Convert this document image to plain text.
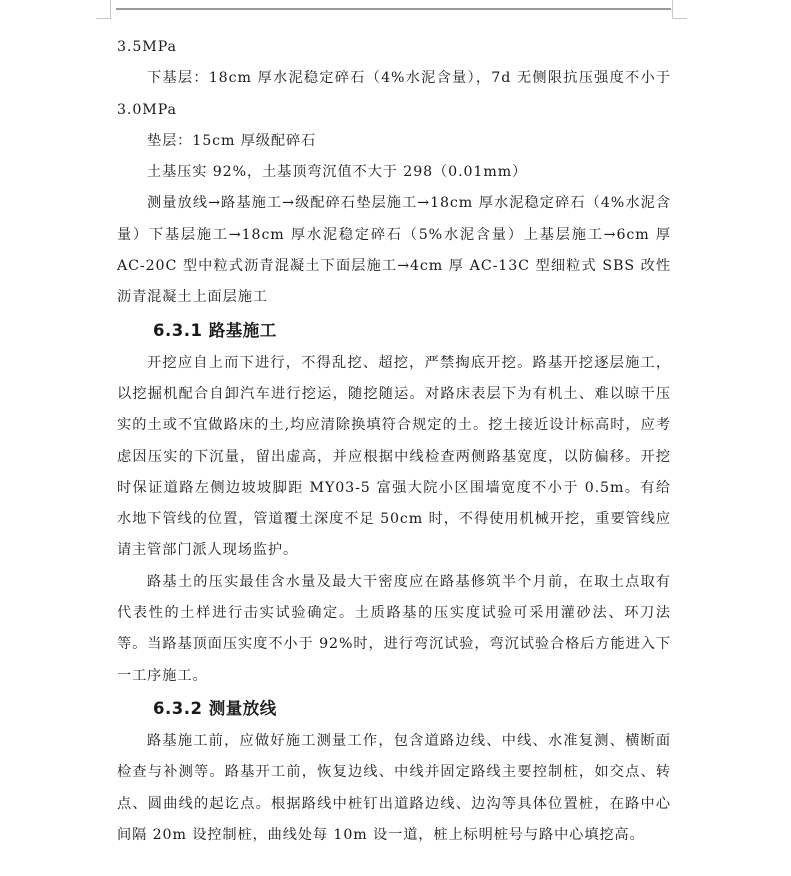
3.5MPa

下基层：18cm 厚水泥稳定碎石（4%水泥含量），7d 无侧限抗压强度不小于 3.0MPa

垫层：15cm 厚级配碎石

土基压实 92%，土基顶弯沉值不大于 298（0.01mm）

测量放线→路基施工→级配碎石垫层施工→18cm 厚水泥稳定碎石（4%水泥含量）下基层施工→18cm 厚水泥稳定碎石（5%水泥含量）上基层施工→6cm 厚 AC-20C 型中粒式沥青混凝土下面层施工→4cm 厚 AC-13C 型细粒式 SBS 改性沥青混凝土上面层施工

6.3.1 路基施工

开挖应自上而下进行，不得乱挖、超挖，严禁掏底开挖。路基开挖逐层施工，以挖掘机配合自卸汽车进行挖运，随挖随运。对路床表层下为有机土、难以晾干压实的土或不宜做路床的土,均应清除换填符合规定的土。挖土接近设计标高时，应考虑因压实的下沉量，留出虚高，并应根据中线检查两侧路基宽度，以防偏移。开挖时保证道路左侧边坡坡脚距 MY03-5 富强大院小区围墙宽度不小于 0.5m。有给水地下管线的位置，管道覆土深度不足 50cm 时，不得使用机械开挖，重要管线应请主管部门派人现场监护。

路基土的压实最佳含水量及最大干密度应在路基修筑半个月前，在取土点取有代表性的土样进行击实试验确定。土质路基的压实度试验可采用灌砂法、环刀法等。当路基顶面压实度不小于 92%时，进行弯沉试验，弯沉试验合格后方能进入下一工序施工。

6.3.2 测量放线

路基施工前，应做好施工测量工作，包含道路边线、中线、水准复测、横断面检查与补测等。路基开工前，恢复边线、中线并固定路线主要控制桩，如交点、转点、圆曲线的起讫点。根据路线中桩钉出道路边线、边沟等具体位置桩，在路中心间隔 20m 设控制桩，曲线处每 10m 设一道，桩上标明桩号与路中心填挖高。
